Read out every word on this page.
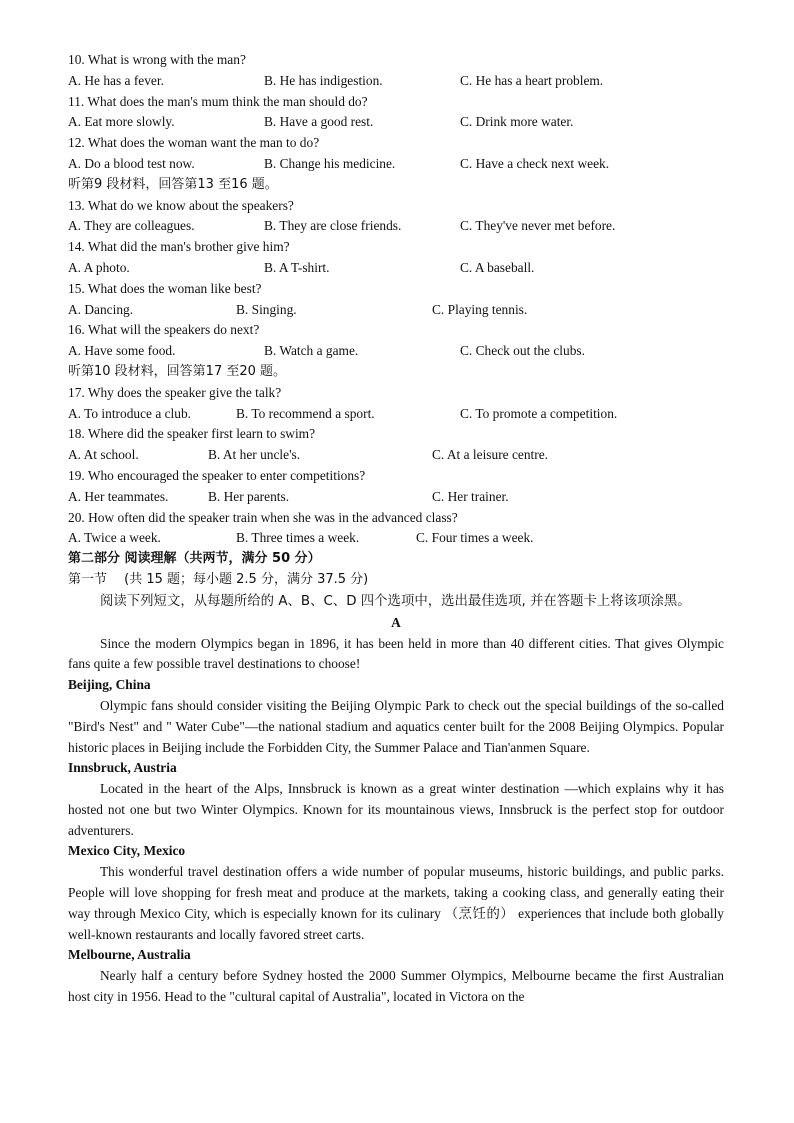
10. What is wrong with the man?
A. He has a fever.	B. He has indigestion.	C. He has a heart problem.
11. What does the man's mum think the man should do?
A. Eat more slowly.	B. Have a good rest.	C. Drink more water.
12. What does the woman want the man to do?
A. Do a blood test now.	B. Change his medicine.	C. Have a check next week.
听第9 段材料，回答第13 至16 题。
13. What do we know about the speakers?
A. They are colleagues.	B. They are close friends.	C. They've never met before.
14. What did the man's brother give him?
A. A photo.	B. A T-shirt.	C. A baseball.
15. What does the woman like best?
A. Dancing.	B. Singing.	C. Playing tennis.
16. What will the speakers do next?
A. Have some food.	B. Watch a game.	C. Check out the clubs.
听第10 段材料，回答第17 至20 题。
17. Why does the speaker give the talk?
A. To introduce a club.	B. To recommend a sport.	C. To promote a competition.
18. Where did the speaker first learn to swim?
A. At school.	B. At her uncle's.	C. At a leisure centre.
19. Who encouraged the speaker to enter competitions?
A. Her teammates.	B. Her parents.	C. Her trainer.
20. How often did the speaker train when she was in the advanced class?
A. Twice a week.	B. Three times a week.	C. Four times a week.
第二部分 阅读理解（共两节，满分 50 分）
第一节　 (共 15 题；每小题 2.5 分，满分 37.5 分)

阅读下列短文，从每题所给的 A、B、C、D 四个选项中，选出最佳选项, 并在答题卡上将该项涂黑。

A

Since the modern Olympics began in 1896, it has been held in more than 40 different cities. That gives Olympic fans quite a few possible travel destinations to choose!

Beijing, China

Olympic fans should consider visiting the Beijing Olympic Park to check out the special buildings of the so-called "Bird's Nest" and " Water Cube"—the national stadium and aquatics center built for the 2008 Beijing Olympics. Popular historic places in Beijing include the Forbidden City, the Summer Palace and Tian'anmen Square.

Innsbruck, Austria

Located in the heart of the Alps, Innsbruck is known as a great winter destination —which explains why it has hosted not one but two Winter Olympics. Known for its mountainous views, Innsbruck is the perfect stop for outdoor adventurers.

Mexico City, Mexico

This wonderful travel destination offers a wide number of popular museums, historic buildings, and public parks. People will love shopping for fresh meat and produce at the markets, taking a cooking class, and generally eating their way through Mexico City, which is especially known for its culinary （烹饪的） experiences that include both globally well-known restaurants and locally favored street carts.

Melbourne, Australia

Nearly half a century before Sydney hosted the 2000 Summer Olympics, Melbourne became the first Australian host city in 1956. Head to the "cultural capital of Australia", located in Victora on the
